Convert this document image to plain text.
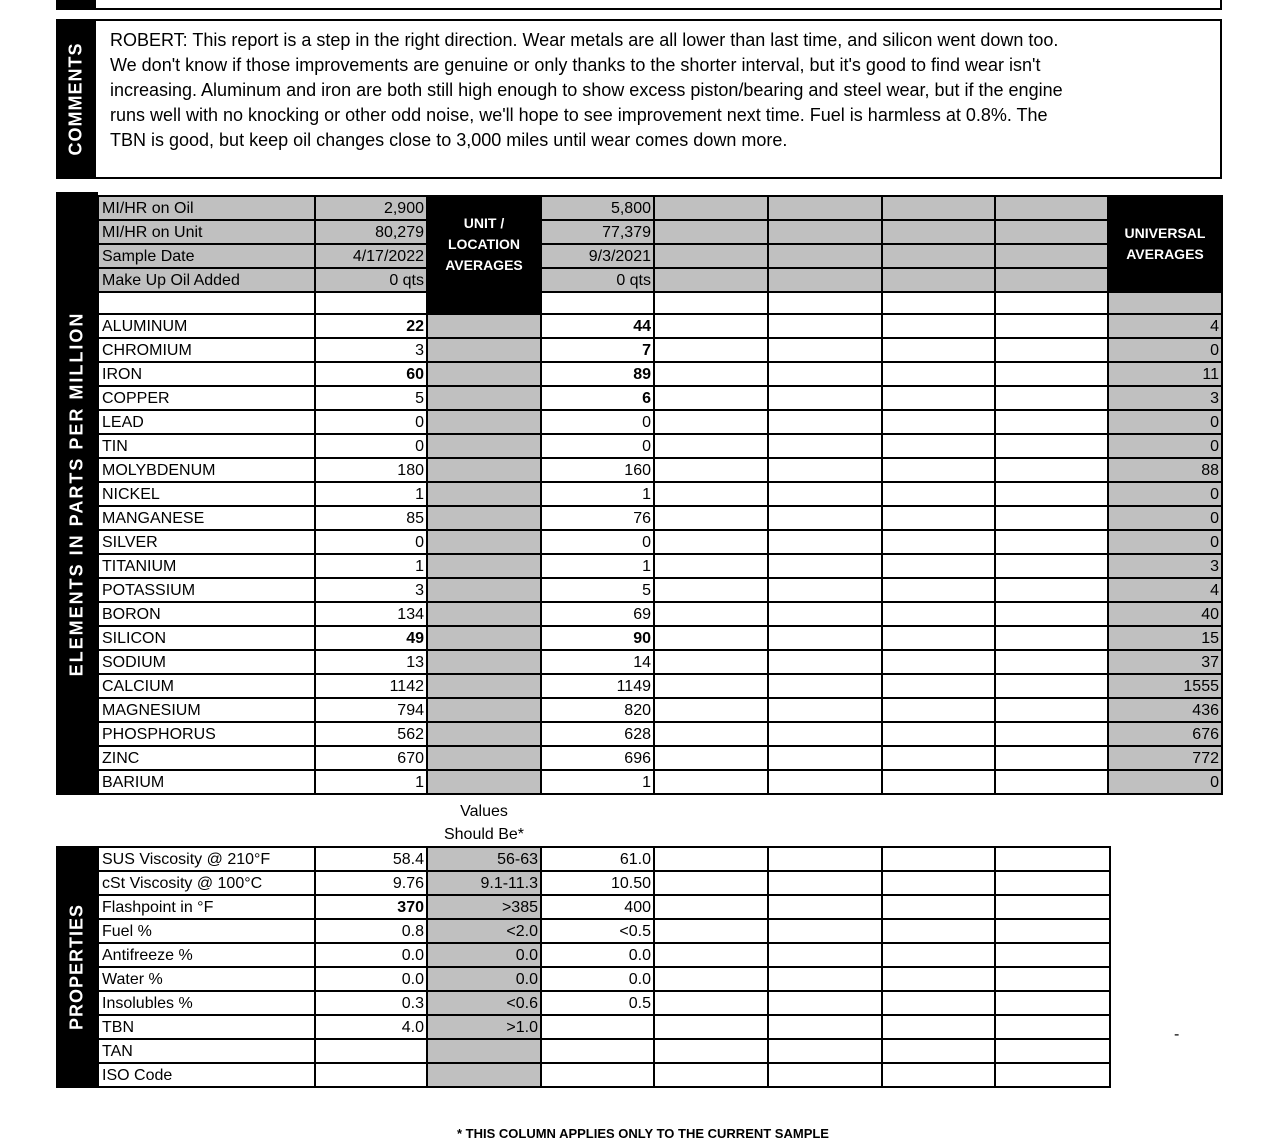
COMMENTS
ROBERT: This report is a step in the right direction. Wear metals are all lower than last time, and silicon went down too.
We don't know if those improvements are genuine or only thanks to the shorter interval, but it's good to find wear isn't
increasing. Aluminum and iron are both still high enough to show excess piston/bearing and steel wear, but if the engine
runs well with no knocking or other odd noise, we'll hope to see improvement next time. Fuel is harmless at 0.8%. The
TBN is good, but keep oil changes close to 3,000 miles until wear comes down more.
ELEMENTS IN PARTS PER MILLION
MI/HR on Oil	2,900	UNIT / LOCATION AVERAGES	5,800					UNIVERSAL AVERAGES
MI/HR on Unit	80,279		77,379					
Sample Date	4/17/2022		9/3/2021					
Make Up Oil Added	0 qts		0 qts					

ALUMINUM	22		44					4
CHROMIUM	3		7					0
IRON	60		89					11
COPPER	5		6					3
LEAD	0		0					0
TIN	0		0					0
MOLYBDENUM	180		160					88
NICKEL	1		1					0
MANGANESE	85		76					0
SILVER	0		0					0
TITANIUM	1		1					3
POTASSIUM	3		5					4
BORON	134		69					40
SILICON	49		90					15
SODIUM	13		14					37
CALCIUM	1142		1149					1555
MAGNESIUM	794		820					436
PHOSPHORUS	562		628					676
ZINC	670		696					772
BARIUM	1		1					0
Values
Should Be*
PROPERTIES
SUS Viscosity @ 210°F	58.4	56-63	61.0				
cSt Viscosity @ 100°C	9.76	9.1-11.3	10.50				
Flashpoint in °F	370	>385	400				
Fuel %	0.8	<2.0	<0.5				
Antifreeze %	0.0	0.0	0.0				
Water %	0.0	0.0	0.0				
Insolubles %	0.3	<0.6	0.5				
TBN	4.0	>1.0					
TAN							
ISO Code							
-
* THIS COLUMN APPLIES ONLY TO THE CURRENT SAMPLE
